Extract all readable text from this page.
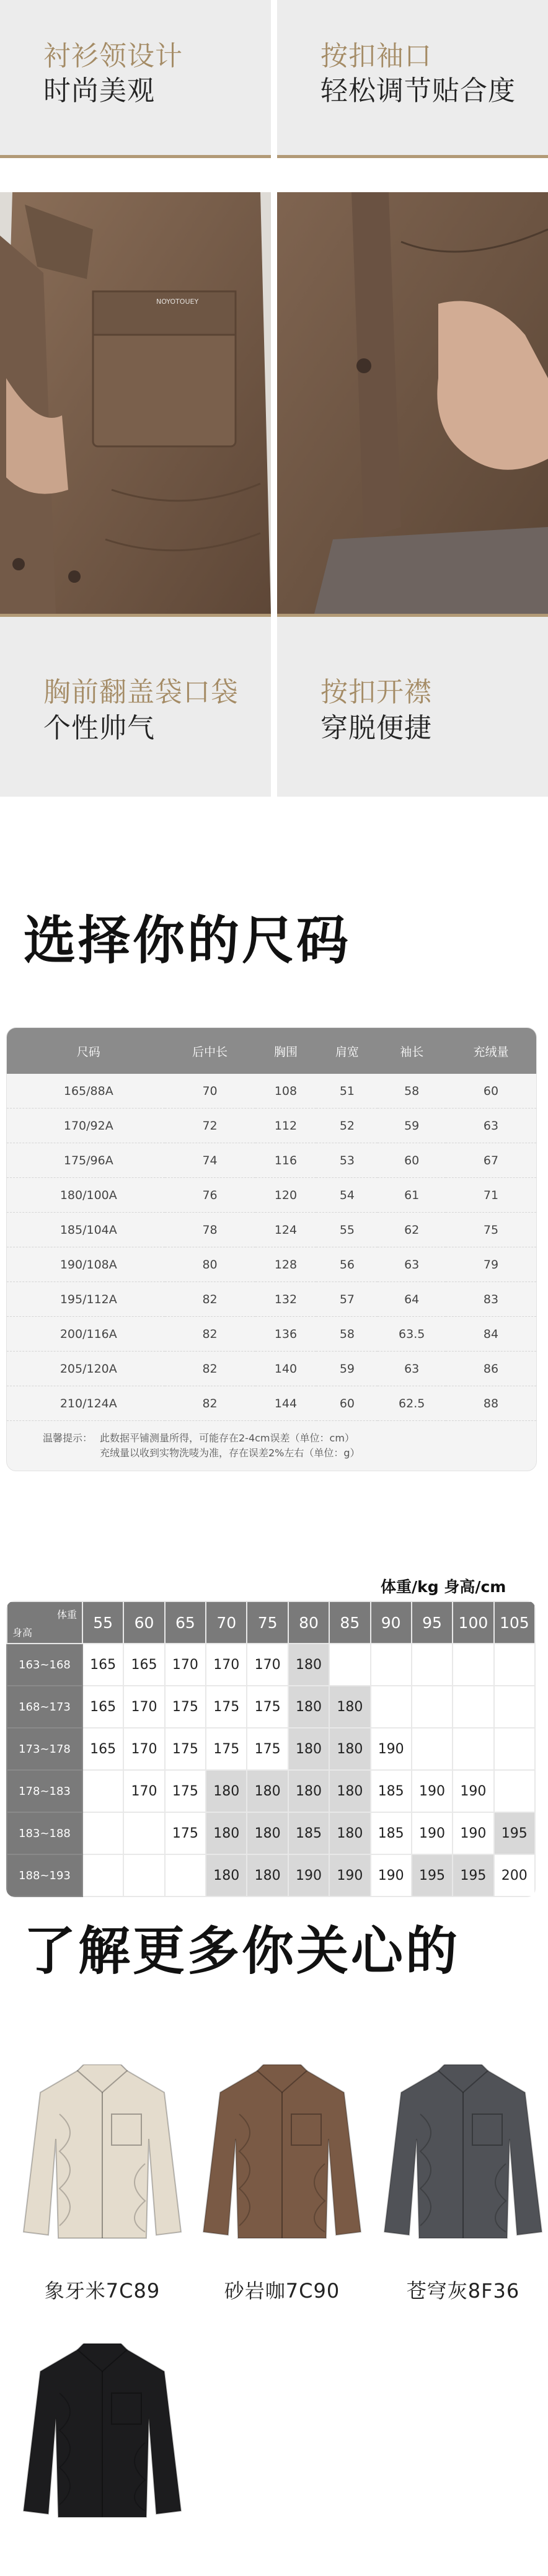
衬衫领设计
时尚美观
按扣袖口
轻松调节贴合度
NOYOTOUEY
胸前翻盖袋口袋
个性帅气
按扣开襟
穿脱便捷
选择你的尺码
尺码	后中长	胸围	肩宽	袖长	充绒量
165/88A	70	108	51	58	60
170/92A	72	112	52	59	63
175/96A	74	116	53	60	67
180/100A	76	120	54	61	71
185/104A	78	124	55	62	75
190/108A	80	128	56	63	79
195/112A	82	132	57	64	83
200/116A	82	136	58	63.5	84
205/120A	82	140	59	63	86
210/124A	82	144	60	62.5	88
温馨提示： 此数据平铺测量所得，可能存在2-4cm误差（单位：cm）
充绒量以收到实物洗唛为准，存在误差2%左右（单位：g）
体重/kg 身高/cm
体重
身高	55	60	65	70	75	80	85	90	95	100	105
163~168	165	165	170	170	170	180					
168~173	165	170	175	175	175	180	180				
173~178	165	170	175	175	175	180	180	190			
178~183		170	175	180	180	180	180	185	190	190	
183~188			175	180	180	185	180	185	190	190	195
188~193				180	180	190	190	190	195	195	200
了解更多你关心的
象牙米7C89	砂岩咖7C90	苍穹灰8F36
